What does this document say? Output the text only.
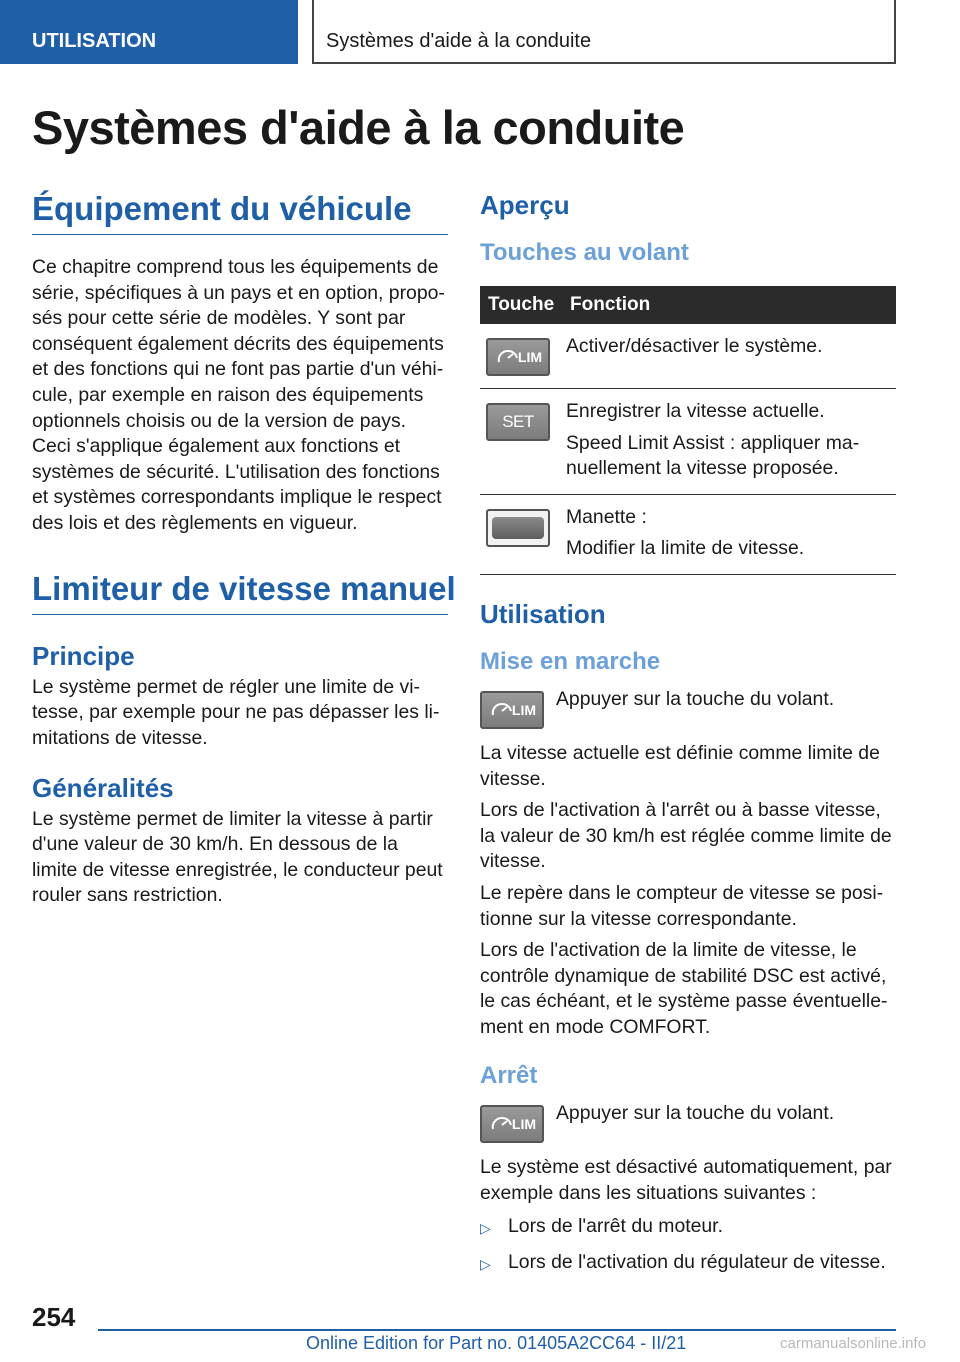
UTILISATION	Systèmes d'aide à la conduite
Systèmes d'aide à la conduite
Équipement du véhicule

Ce chapitre comprend tous les équipements de série, spécifiques à un pays et en option, proposés pour cette série de modèles. Y sont par conséquent également décrits des équipements et des fonctions qui ne font pas partie d'un véhicule, par exemple en raison des équipements optionnels choisis ou de la version de pays. Ceci s'applique également aux fonctions et systèmes de sécurité. L'utilisation des fonctions et systèmes correspondants implique le respect des lois et des règlements en vigueur.

Limiteur de vitesse manuel
Principe

Le système permet de régler une limite de vitesse, par exemple pour ne pas dépasser les limitations de vitesse.

Généralités

Le système permet de limiter la vitesse à partir d'une valeur de 30 km/h. En dessous de la limite de vitesse enregistrée, le conducteur peut rouler sans restriction.

Aperçu
Touches au volant
Touche	Fonction

LIM	Activer/désactiver le système.

SET	Enregistrer la vitesse actuelle.

Speed Limit Assist : appliquer manuellement la vitesse proposée.

	Manette :

Modifier la limite de vitesse.

Utilisation
Mise en marche
LIM Appuyer sur la touche du volant.

La vitesse actuelle est définie comme limite de vitesse.

Lors de l'activation à l'arrêt ou à basse vitesse, la valeur de 30 km/h est réglée comme limite de vitesse.

Le repère dans le compteur de vitesse se positionne sur la vitesse correspondante.

Lors de l'activation de la limite de vitesse, le contrôle dynamique de stabilité DSC est activé, le cas échéant, et le système passe éventuellement en mode COMFORT.

Arrêt
LIM Appuyer sur la touche du volant.

Le système est désactivé automatiquement, par exemple dans les situations suivantes :

▷ Lors de l'arrêt du moteur.
▷ Lors de l'activation du régulateur de vitesse.
254
Online Edition for Part no. 01405A2CC64 - II/21	carmanualsonline.info
